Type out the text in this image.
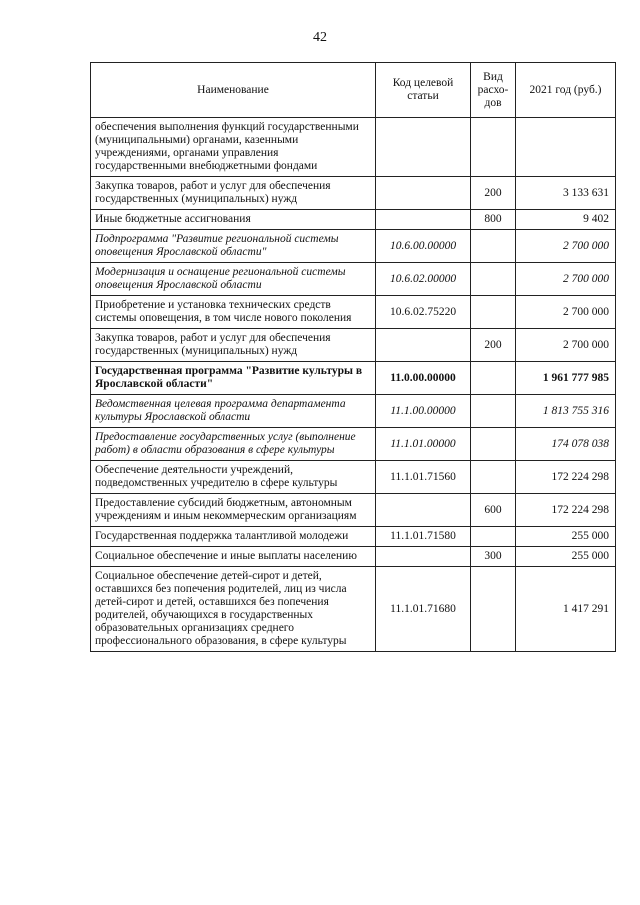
42
Наименование	Код целевой статьи	Вид расхо-дов	2021 год (руб.)
обеспечения выполнения функций государственными (муниципальными) органами, казенными учреждениями, органами управления государственными внебюджетными фондами			
Закупка товаров, работ и услуг для обеспечения государственных (муниципальных) нужд		200	3 133 631
Иные бюджетные ассигнования		800	9 402
Подпрограмма "Развитие региональной системы оповещения Ярославской области"	10.6.00.00000		2 700 000
Модернизация и оснащение региональной системы оповещения Ярославской области	10.6.02.00000		2 700 000
Приобретение и установка технических средств системы оповещения, в том числе нового поколения	10.6.02.75220		2 700 000
Закупка товаров, работ и услуг для обеспечения государственных (муниципальных) нужд		200	2 700 000
Государственная программа "Развитие культуры в Ярославской области"	11.0.00.00000		1 961 777 985
Ведомственная целевая программа департамента культуры Ярославской области	11.1.00.00000		1 813 755 316
Предоставление государственных услуг (выполнение работ) в области образования в сфере культуры	11.1.01.00000		174 078 038
Обеспечение деятельности учреждений, подведомственных учредителю в сфере культуры	11.1.01.71560		172 224 298
Предоставление субсидий бюджетным, автономным учреждениям и иным некоммерческим организациям		600	172 224 298
Государственная поддержка талантливой молодежи	11.1.01.71580		255 000
Социальное обеспечение и иные выплаты населению		300	255 000
Социальное обеспечение детей-сирот и детей, оставшихся без попечения родителей, лиц из числа детей-сирот и детей, оставшихся без попечения родителей, обучающихся в государственных образовательных организациях среднего профессионального образования, в сфере культуры	11.1.01.71680		1 417 291
